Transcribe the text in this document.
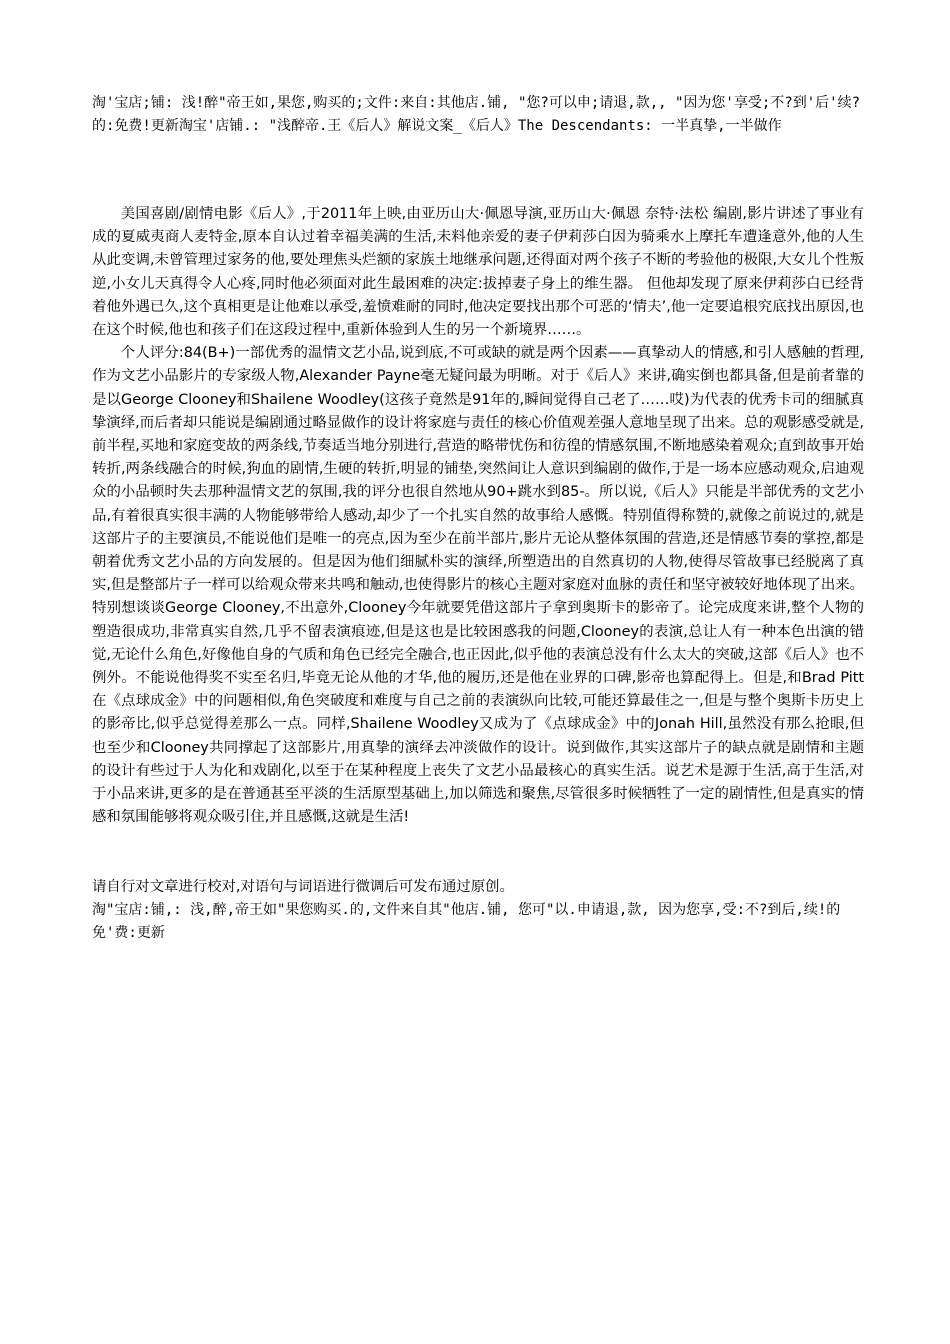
淘'宝店;铺: 浅!醉"帝王如,果您,购买的;文件:来自:其他店.铺, "您?可以申;请退,款,, "因为您'享受;不?到'后'续?的:免费!更新淘宝'店铺.: "浅醉帝.王《后人》解说文案_《后人》The Descendants: 一半真挚,一半做作

美国喜剧/剧情电影《后人》,于2011年上映,由亚历山大·佩恩导演,亚历山大·佩恩 奈特·法松 编剧,影片讲述了事业有成的夏威夷商人麦特金,原本自认过着幸福美满的生活,未料他亲爱的妻子伊莉莎白因为骑乘水上摩托车遭逢意外,他的人生从此变调,未曾管理过家务的他,要处理焦头烂额的家族土地继承问题,还得面对两个孩子不断的考验他的极限,大女儿个性叛逆,小女儿天真得令人心疼,同时他必须面对此生最困难的决定:拔掉妻子身上的维生器。 但他却发现了原来伊莉莎白已经背着他外遇已久,这个真相更是让他难以承受,羞愤难耐的同时,他决定要找出那个可恶的‘情夫’,他一定要追根究底找出原因,也在这个时候,他也和孩子们在这段过程中,重新体验到人生的另一个新境界……。

个人评分:84(B+)一部优秀的温情文艺小品,说到底,不可或缺的就是两个因素——真挚动人的情感,和引人感触的哲理,作为文艺小品影片的专家级人物,Alexander Payne毫无疑问最为明晰。对于《后人》来讲,确实倒也都具备,但是前者靠的是以George Clooney和Shailene Woodley(这孩子竟然是91年的,瞬间觉得自己老了……哎)为代表的优秀卡司的细腻真挚演绎,而后者却只能说是编剧通过略显做作的设计将家庭与责任的核心价值观差强人意地呈现了出来。总的观影感受就是,前半程,买地和家庭变故的两条线,节奏适当地分别进行,营造的略带忧伤和彷徨的情感氛围,不断地感染着观众;直到故事开始转折,两条线融合的时候,狗血的剧情,生硬的转折,明显的铺垫,突然间让人意识到编剧的做作,于是一场本应感动观众,启迪观众的小品顿时失去那种温情文艺的氛围,我的评分也很自然地从90+跳水到85-。所以说,《后人》只能是半部优秀的文艺小品,有着很真实很丰满的人物能够带给人感动,却少了一个扎实自然的故事给人感慨。特别值得称赞的,就像之前说过的,就是这部片子的主要演员,不能说他们是唯一的亮点,因为至少在前半部片,影片无论从整体氛围的营造,还是情感节奏的掌控,都是朝着优秀文艺小品的方向发展的。但是因为他们细腻朴实的演绎,所塑造出的自然真切的人物,使得尽管故事已经脱离了真实,但是整部片子一样可以给观众带来共鸣和触动,也使得影片的核心主题对家庭对血脉的责任和坚守被较好地体现了出来。特别想谈谈George Clooney,不出意外,Clooney今年就要凭借这部片子拿到奥斯卡的影帝了。论完成度来讲,整个人物的塑造很成功,非常真实自然,几乎不留表演痕迹,但是这也是比较困惑我的问题,Clooney的表演,总让人有一种本色出演的错觉,无论什么角色,好像他自身的气质和角色已经完全融合,也正因此,似乎他的表演总没有什么太大的突破,这部《后人》也不例外。不能说他得奖不实至名归,毕竟无论从他的才华,他的履历,还是他在业界的口碑,影帝也算配得上。但是,和Brad Pitt在《点球成金》中的问题相似,角色突破度和难度与自己之前的表演纵向比较,可能还算最佳之一,但是与整个奥斯卡历史上的影帝比,似乎总觉得差那么一点。同样,Shailene Woodley又成为了《点球成金》中的Jonah Hill,虽然没有那么抢眼,但也至少和Clooney共同撑起了这部影片,用真挚的演绎去冲淡做作的设计。说到做作,其实这部片子的缺点就是剧情和主题的设计有些过于人为化和戏剧化,以至于在某种程度上丧失了文艺小品最核心的真实生活。说艺术是源于生活,高于生活,对于小品来讲,更多的是在普通甚至平淡的生活原型基础上,加以筛选和聚焦,尽管很多时候牺牲了一定的剧情性,但是真实的情感和氛围能够将观众吸引住,并且感慨,这就是生活!

请自行对文章进行校对,对语句与词语进行微调后可发布通过原创。

淘"宝店:铺,: 浅,醉,帝王如"果您购买.的,文件来自其"他店.铺, 您可"以.申请退,款, 因为您享,受:不?到后,续!的免'费:更新
